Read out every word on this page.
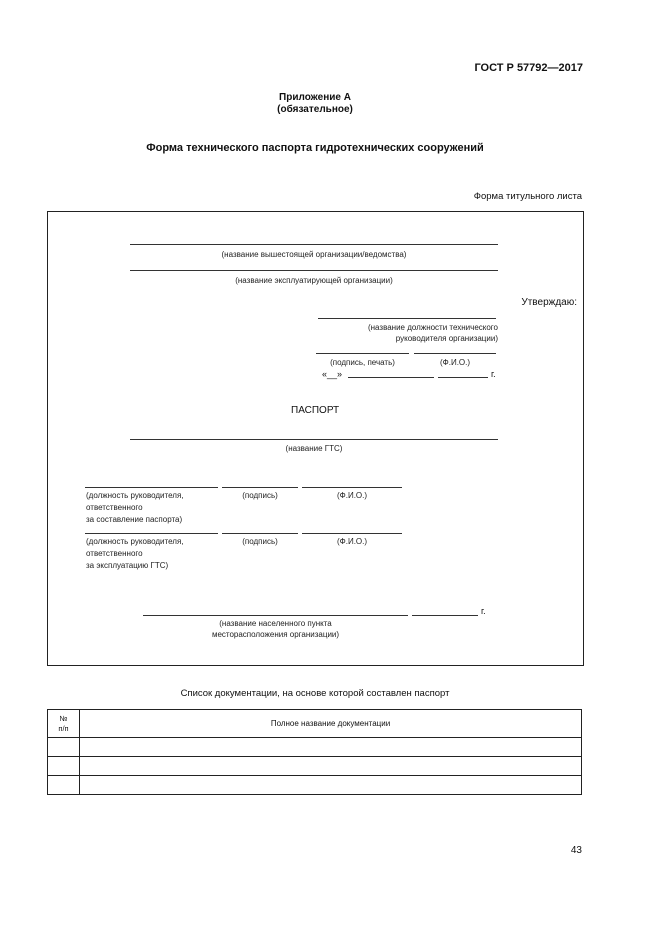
ГОСТ Р 57792—2017
Приложение А
(обязательное)
Форма технического паспорта гидротехнических сооружений
Форма титульного листа
(название вышестоящей организации/ведомства)
(название эксплуатирующей организации)
Утверждаю:
(название должности технического
руководителя организации)
(подпись, печать)	(Ф.И.О.)
«__»	г.
ПАСПОРТ
(название ГТС)
(должность руководителя,
ответственного
за составление паспорта)
(подпись)	(Ф.И.О.)
(должность руководителя,
ответственного
за эксплуатацию ГТС)
(подпись)	(Ф.И.О.)
г.
(название населенного пункта
месторасположения организации)
Список документации, на основе которой составлен паспорт
№
п/п	Полное название документации

43
